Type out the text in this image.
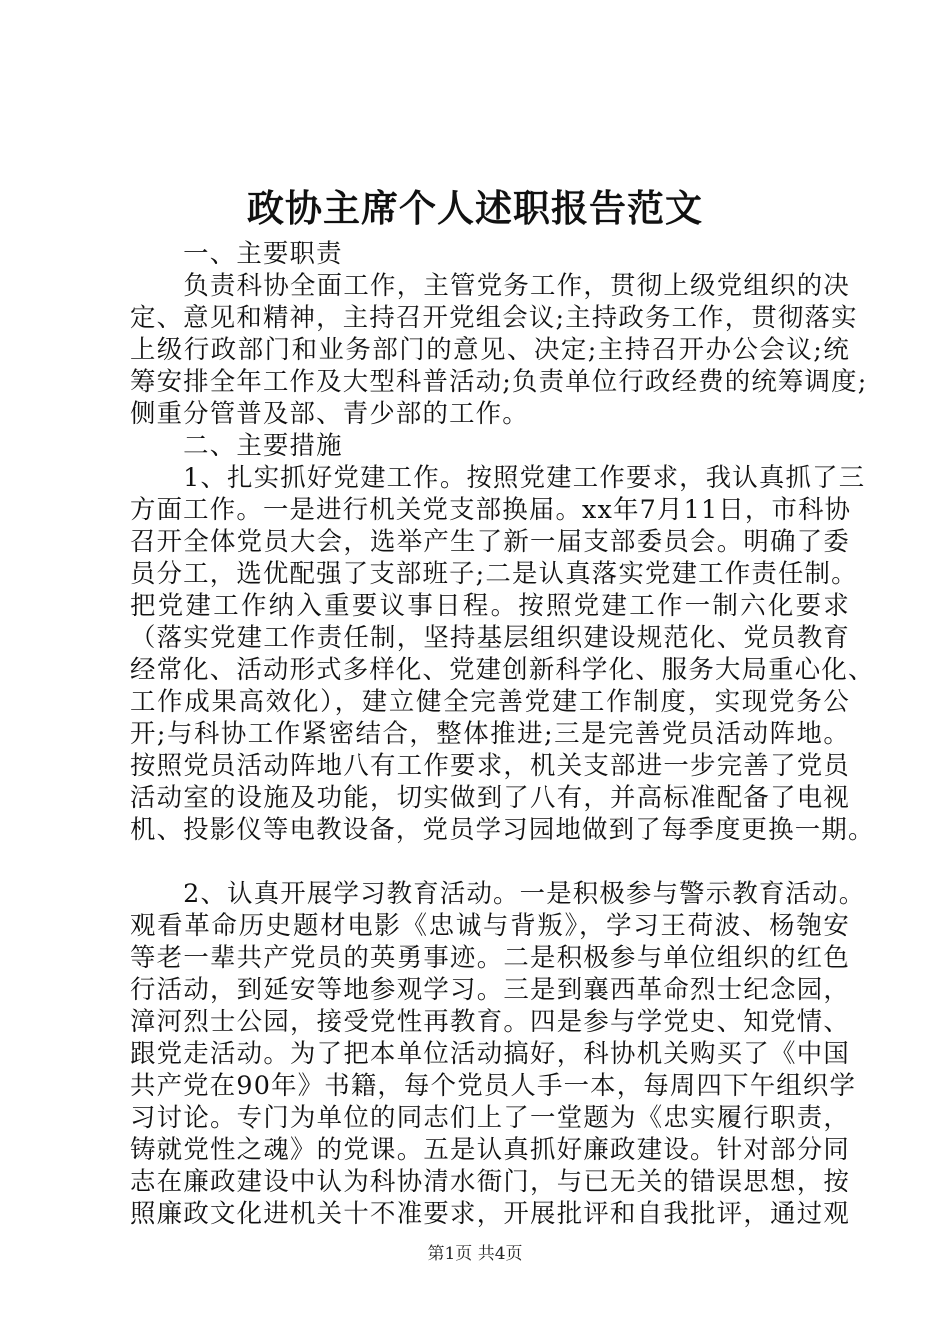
政协主席个人述职报告范文
　　一、主要职责
　　负责科协全面工作，主管党务工作，贯彻上级党组织的决
定、意见和精神，主持召开党组会议;主持政务工作，贯彻落实
上级行政部门和业务部门的意见、决定;主持召开办公会议;统
筹安排全年工作及大型科普活动;负责单位行政经费的统筹调度;
侧重分管普及部、青少部的工作。
　　二、主要措施
　　1、扎实抓好党建工作。按照党建工作要求，我认真抓了三
方面工作。一是进行机关党支部换届。xx年7月11日，市科协
召开全体党员大会，选举产生了新一届支部委员会。明确了委
员分工，选优配强了支部班子;二是认真落实党建工作责任制。
把党建工作纳入重要议事日程。按照党建工作一制六化要求
（落实党建工作责任制，坚持基层组织建设规范化、党员教育
经常化、活动形式多样化、党建创新科学化、服务大局重心化、
工作成果高效化），建立健全完善党建工作制度，实现党务公
开;与科协工作紧密结合，整体推进;三是完善党员活动阵地。
按照党员活动阵地八有工作要求，机关支部进一步完善了党员
活动室的设施及功能，切实做到了八有，并高标准配备了电视
机、投影仪等电教设备，党员学习园地做到了每季度更换一期。
　　2、认真开展学习教育活动。一是积极参与警示教育活动。
观看革命历史题材电影《忠诚与背叛》，学习王荷波、杨匏安
等老一辈共产党员的英勇事迹。二是积极参与单位组织的红色
行活动，到延安等地参观学习。三是到襄西革命烈士纪念园，
漳河烈士公园，接受党性再教育。四是参与学党史、知党情、
跟党走活动。为了把本单位活动搞好，科协机关购买了《中国
共产党在90年》书籍，每个党员人手一本，每周四下午组织学
习讨论。专门为单位的同志们上了一堂题为《忠实履行职责，
铸就党性之魂》的党课。五是认真抓好廉政建设。针对部分同
志在廉政建设中认为科协清水衙门，与已无关的错误思想，按
照廉政文化进机关十不准要求，开展批评和自我批评，通过观
第1页 共4页
